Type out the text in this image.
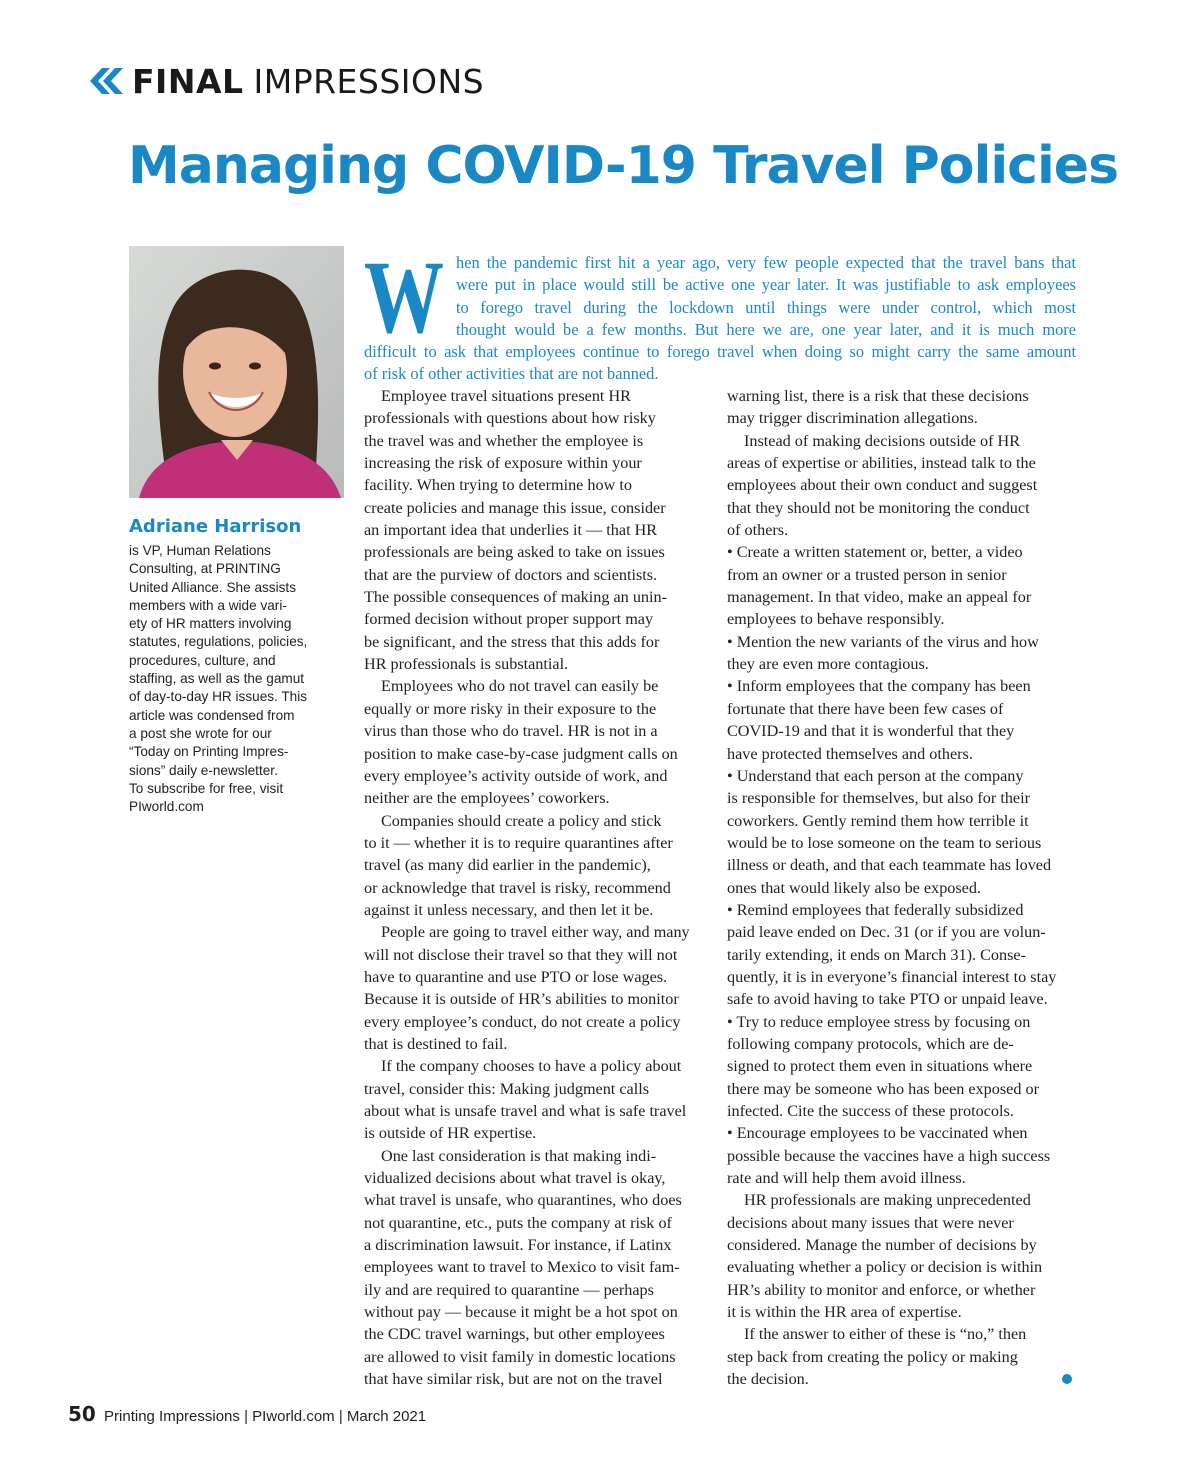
FINAL IMPRESSIONS
Managing COVID-19 Travel Policies
Adriane Harrison

is VP, Human Relations

Consulting, at PRINTING

United Alliance. She assists

members with a wide vari-

ety of HR matters involving

statutes, regulations, policies,

procedures, culture, and

staffing, as well as the gamut

of day-to-day HR issues. This

article was condensed from

a post she wrote for our

“Today on Printing Impres-

sions” daily e-newsletter.

To subscribe for free, visit

PIworld.com

W hen the pandemic first hit a year ago, very few people expected that the travel bans that

were put in place would still be active one year later. It was justifiable to ask employees

to forego travel during the lockdown until things were under control, which most

thought would be a few months. But here we are, one year later, and it is much more

difficult to ask that employees continue to forego travel when doing so might carry the same amount

of risk of other activities that are not banned.

Employee travel situations present HR

professionals with questions about how risky

the travel was and whether the employee is

increasing the risk of exposure within your

facility. When trying to determine how to

create policies and manage this issue, consider

an important idea that underlies it — that HR

professionals are being asked to take on issues

that are the purview of doctors and scientists.

The possible consequences of making an unin-

formed decision without proper support may

be significant, and the stress that this adds for

HR professionals is substantial.

Employees who do not travel can easily be

equally or more risky in their exposure to the

virus than those who do travel. HR is not in a

position to make case-by-case judgment calls on

every employee’s activity outside of work, and

neither are the employees’ coworkers.

Companies should create a policy and stick

to it — whether it is to require quarantines after

travel (as many did earlier in the pandemic),

or acknowledge that travel is risky, recommend

against it unless necessary, and then let it be.

People are going to travel either way, and many

will not disclose their travel so that they will not

have to quarantine and use PTO or lose wages.

Because it is outside of HR’s abilities to monitor

every employee’s conduct, do not create a policy

that is destined to fail.

If the company chooses to have a policy about

travel, consider this: Making judgment calls

about what is unsafe travel and what is safe travel

is outside of HR expertise.

One last consideration is that making indi-

vidualized decisions about what travel is okay,

what travel is unsafe, who quarantines, who does

not quarantine, etc., puts the company at risk of

a discrimination lawsuit. For instance, if Latinx

employees want to travel to Mexico to visit fam-

ily and are required to quarantine — perhaps

without pay — because it might be a hot spot on

the CDC travel warnings, but other employees

are allowed to visit family in domestic locations

that have similar risk, but are not on the travel

warning list, there is a risk that these decisions

may trigger discrimination allegations.

Instead of making decisions outside of HR

areas of expertise or abilities, instead talk to the

employees about their own conduct and suggest

that they should not be monitoring the conduct

of others.

• Create a written statement or, better, a video

from an owner or a trusted person in senior

management. In that video, make an appeal for

employees to behave responsibly.

• Mention the new variants of the virus and how

they are even more contagious.

• Inform employees that the company has been

fortunate that there have been few cases of

COVID-19 and that it is wonderful that they

have protected themselves and others.

• Understand that each person at the company

is responsible for themselves, but also for their

coworkers. Gently remind them how terrible it

would be to lose someone on the team to serious

illness or death, and that each teammate has loved

ones that would likely also be exposed.

• Remind employees that federally subsidized

paid leave ended on Dec. 31 (or if you are volun-

tarily extending, it ends on March 31). Conse-

quently, it is in everyone’s financial interest to stay

safe to avoid having to take PTO or unpaid leave.

• Try to reduce employee stress by focusing on

following company protocols, which are de-

signed to protect them even in situations where

there may be someone who has been exposed or

infected. Cite the success of these protocols.

• Encourage employees to be vaccinated when

possible because the vaccines have a high success

rate and will help them avoid illness.

HR professionals are making unprecedented

decisions about many issues that were never

considered. Manage the number of decisions by

evaluating whether a policy or decision is within

HR’s ability to monitor and enforce, or whether

it is within the HR area of expertise.

If the answer to either of these is “no,” then

step back from creating the policy or making

the decision.

50 Printing Impressions | PIworld.com | March 2021
